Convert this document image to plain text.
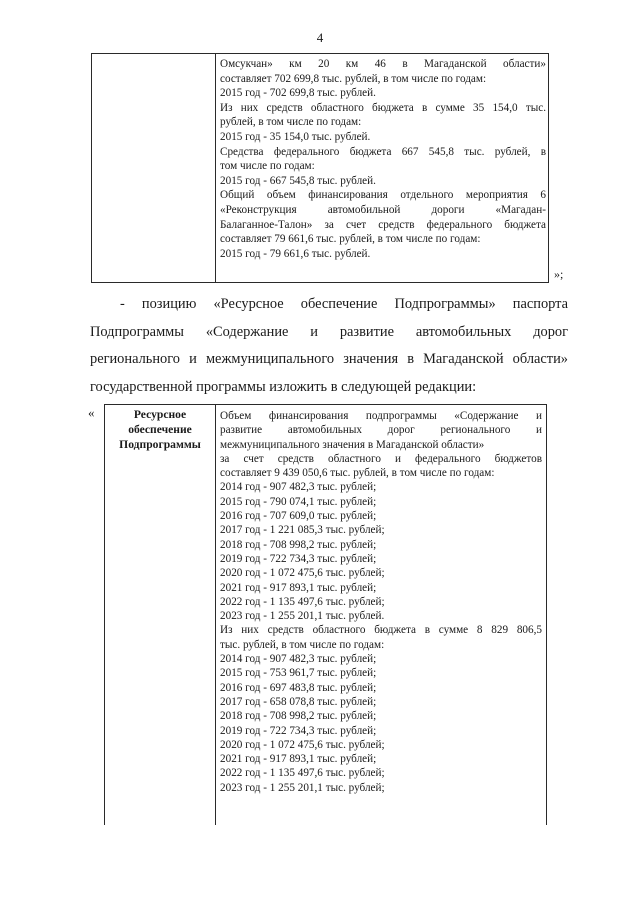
4
Омсукчан» км 20 км 46 в Магаданской области»
составляет 702 699,8 тыс. рублей, в том числе по годам:
2015 год - 702 699,8 тыс. рублей.
Из них средств областного бюджета в сумме 35 154,0 тыс.
рублей, в том числе по годам:
2015 год - 35 154,0 тыс. рублей.
Средства федерального бюджета 667 545,8 тыс. рублей, в
том числе по годам:
2015 год - 667 545,8 тыс. рублей.
Общий объем финансирования отдельного мероприятия 6
«Реконструкция автомобильной дороги «Магадан-
Балаганное-Талон» за счет средств федерального бюджета
составляет 79 661,6 тыс. рублей, в том числе по годам:
2015 год - 79 661,6 тыс. рублей.
»;
- позицию «Ресурсное обеспечение Подпрограммы» паспорта
Подпрограммы «Содержание и развитие автомобильных дорог
регионального и межмуниципального значения в Магаданской области»
государственной программы изложить в следующей редакции:
«	Ресурсное
обеспечение
Подпрограммы
Объем финансирования подпрограммы «Содержание и
развитие автомобильных дорог регионального и
межмуниципального значения в Магаданской области»
за счет средств областного и федерального бюджетов
составляет 9 439 050,6 тыс. рублей, в том числе по годам:
2014 год - 907 482,3 тыс. рублей;
2015 год - 790 074,1 тыс. рублей;
2016 год - 707 609,0 тыс. рублей;
2017 год - 1 221 085,3 тыс. рублей;
2018 год - 708 998,2 тыс. рублей;
2019 год - 722 734,3 тыс. рублей;
2020 год - 1 072 475,6 тыс. рублей;
2021 год - 917 893,1 тыс. рублей;
2022 год - 1 135 497,6 тыс. рублей;
2023 год - 1 255 201,1 тыс. рублей.
Из них средств областного бюджета в сумме 8 829 806,5
тыс. рублей, в том числе по годам:
2014 год - 907 482,3 тыс. рублей;
2015 год - 753 961,7 тыс. рублей;
2016 год - 697 483,8 тыс. рублей;
2017 год - 658 078,8 тыс. рублей;
2018 год - 708 998,2 тыс. рублей;
2019 год - 722 734,3 тыс. рублей;
2020 год - 1 072 475,6 тыс. рублей;
2021 год - 917 893,1 тыс. рублей;
2022 год - 1 135 497,6 тыс. рублей;
2023 год - 1 255 201,1 тыс. рублей;
